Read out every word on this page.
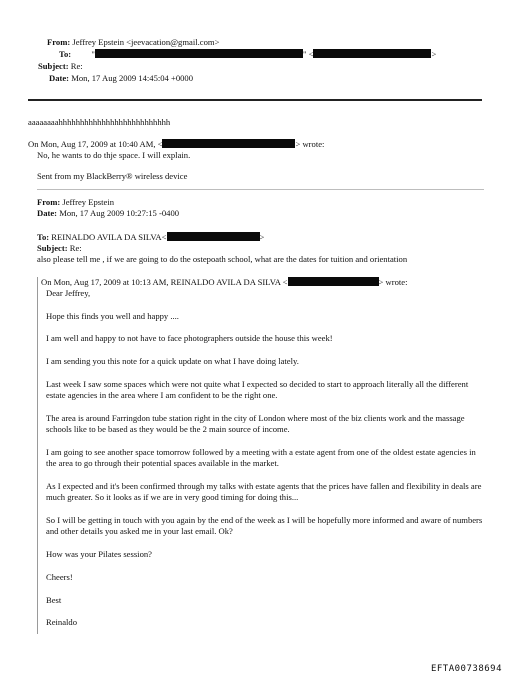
From: Jeffrey Epstein <jeevacation@gmail.com>
To: "	" <	>
Subject: Re:
Date: Mon, 17 Aug 2009 14:45:04 +0000
aaaaaaaahhhhhhhhhhhhhhhhhhhhhhhhhh
On Mon, Aug 17, 2009 at 10:40 AM, <	> wrote:
No, he wants to do thje space. I will explain.
Sent from my BlackBerry® wireless device
From: Jeffrey Epstein
Date: Mon, 17 Aug 2009 10:27:15 -0400
To: REINALDO AVILA DA SILVA<	>
Subject: Re:
also please tell me , if we are going to do the ostepoath school, what are the dates for tuition and orientation
On Mon, Aug 17, 2009 at 10:13 AM, REINALDO AVILA DA SILVA <	> wrote:
Dear Jeffrey,
Hope this finds you well and happy ....
I am well and happy to not have to face photographers outside the house this week!
I am sending you this note for a quick update on what I have doing lately.
Last week I saw some spaces which were not quite what I expected so decided to start to approach literally all the different estate agencies in the area where I am confident to be the right one.
The area is around Farringdon tube station right in the city of London where most of the biz clients work and the massage schools like to be based as they would be the 2 main source of income.
I am going to see another space tomorrow followed by a meeting with a estate agent from one of the oldest estate agencies in the area to go through their potential spaces available in the market.
As I expected and it's been confirmed through my talks with estate agents that the prices have fallen and flexibility in deals are much greater. So it looks as if we are in very good timing for doing this...
So I will be getting in touch with you again by the end of the week as I will be hopefully more informed and aware of numbers and other details you asked me in your last email. Ok?
How was your Pilates session?
Cheers!
Best
Reinaldo
EFTA00738694
